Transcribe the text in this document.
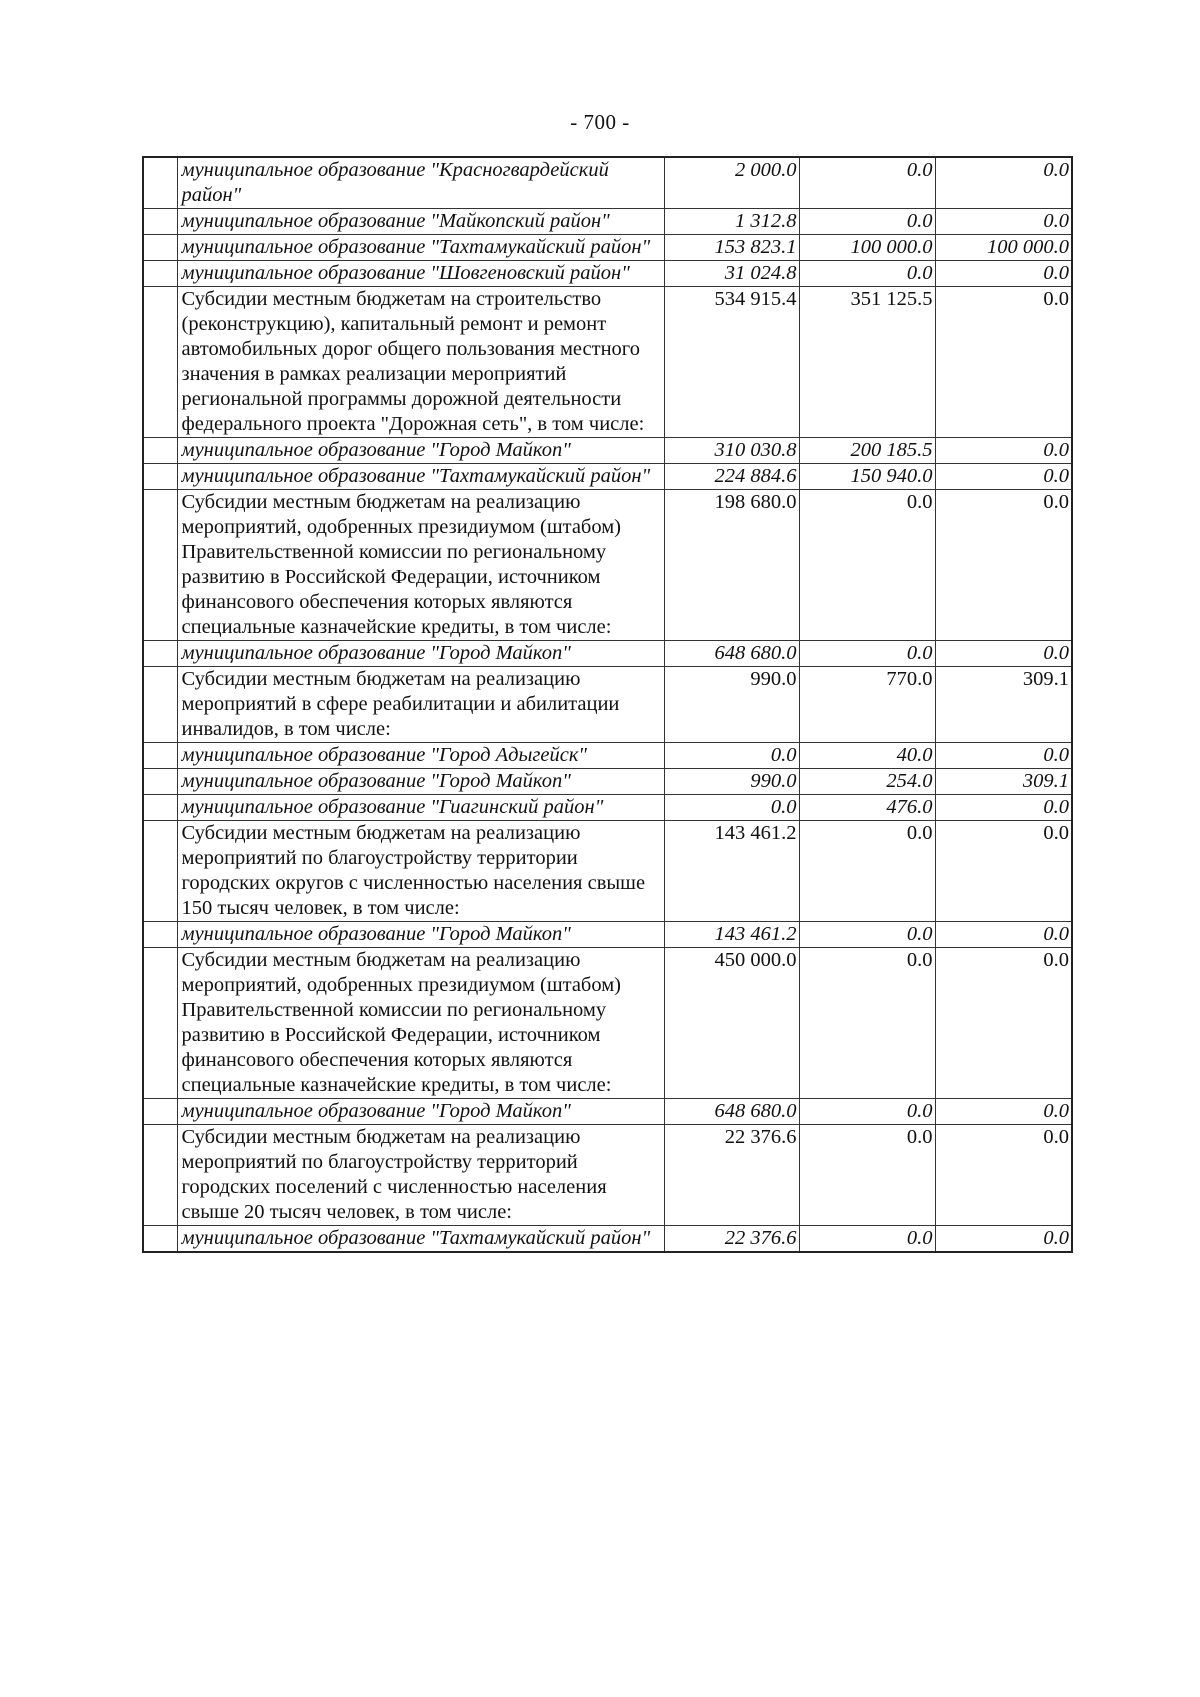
- 700 -
	муниципальное образование "Красногвардейский район"	2 000.0	0.0	0.0
	муниципальное образование "Майкопский район"	1 312.8	0.0	0.0
	муниципальное образование "Тахтамукайский район"	153 823.1	100 000.0	100 000.0
	муниципальное образование "Шовгеновский район"	31 024.8	0.0	0.0
	Субсидии местным бюджетам на строительство (реконструкцию), капитальный ремонт и ремонт автомобильных дорог общего пользования местного значения в рамках реализации мероприятий региональной программы дорожной деятельности федерального проекта "Дорожная сеть", в том числе:	534 915.4	351 125.5	0.0
	муниципальное образование "Город Майкоп"	310 030.8	200 185.5	0.0
	муниципальное образование "Тахтамукайский район"	224 884.6	150 940.0	0.0
	Субсидии местным бюджетам на реализацию мероприятий, одобренных президиумом (штабом) Правительственной комиссии по региональному развитию в Российской Федерации, источником финансового обеспечения которых являются специальные казначейские кредиты, в том числе:	198 680.0	0.0	0.0
	муниципальное образование "Город Майкоп"	648 680.0	0.0	0.0
	Субсидии местным бюджетам на реализацию мероприятий в сфере реабилитации и абилитации инвалидов, в том числе:	990.0	770.0	309.1
	муниципальное образование "Город Адыгейск"	0.0	40.0	0.0
	муниципальное образование "Город Майкоп"	990.0	254.0	309.1
	муниципальное образование "Гиагинский район"	0.0	476.0	0.0
	Субсидии местным бюджетам на реализацию мероприятий по благоустройству территории городских округов с численностью населения свыше 150 тысяч человек, в том числе:	143 461.2	0.0	0.0
	муниципальное образование "Город Майкоп"	143 461.2	0.0	0.0
	Субсидии местным бюджетам на реализацию мероприятий, одобренных президиумом (штабом) Правительственной комиссии по региональному развитию в Российской Федерации, источником финансового обеспечения которых являются специальные казначейские кредиты, в том числе:	450 000.0	0.0	0.0
	муниципальное образование "Город Майкоп"	648 680.0	0.0	0.0
	Субсидии местным бюджетам на реализацию мероприятий по благоустройству территорий городских поселений с численностью населения свыше 20 тысяч человек, в том числе:	22 376.6	0.0	0.0
	муниципальное образование "Тахтамукайский район"	22 376.6	0.0	0.0
